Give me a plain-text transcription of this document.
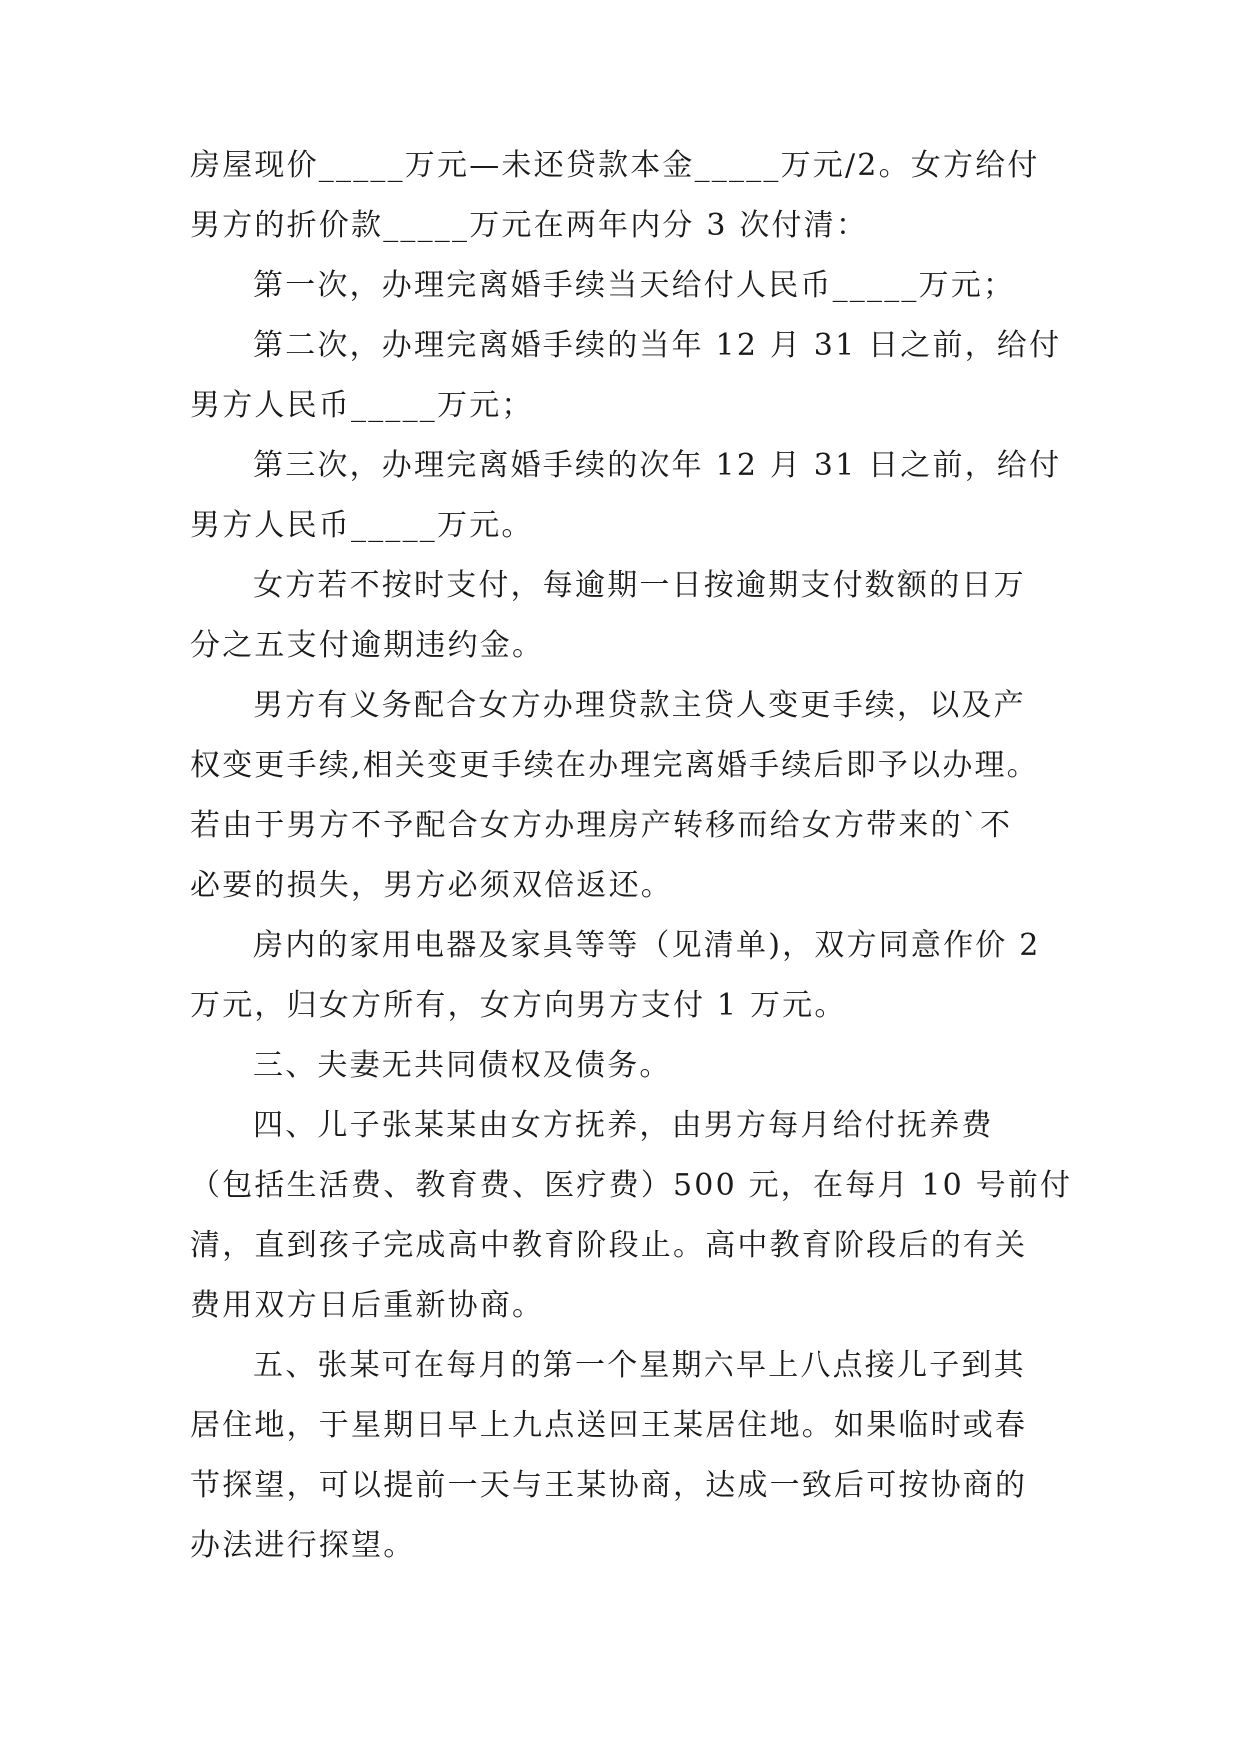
房屋现价_____万元—未还贷款本金_____万元/2。女方给付
男方的折价款_____万元在两年内分 3 次付清：
第一次，办理完离婚手续当天给付人民币_____万元；
第二次，办理完离婚手续的当年 12 月 31 日之前，给付
男方人民币_____万元；
第三次，办理完离婚手续的次年 12 月 31 日之前，给付
男方人民币_____万元。
女方若不按时支付，每逾期一日按逾期支付数额的日万
分之五支付逾期违约金。
男方有义务配合女方办理贷款主贷人变更手续，以及产
权变更手续,相关变更手续在办理完离婚手续后即予以办理。
若由于男方不予配合女方办理房产转移而给女方带来的`不
必要的损失，男方必须双倍返还。
房内的家用电器及家具等等（见清单)，双方同意作价 2
万元，归女方所有，女方向男方支付 1 万元。
三、夫妻无共同债权及债务。
四、儿子张某某由女方抚养，由男方每月给付抚养费
（包括生活费、教育费、医疗费）500 元，在每月 10 号前付
清，直到孩子完成高中教育阶段止。高中教育阶段后的有关
费用双方日后重新协商。
五、张某可在每月的第一个星期六早上八点接儿子到其
居住地，于星期日早上九点送回王某居住地。如果临时或春
节探望，可以提前一天与王某协商，达成一致后可按协商的
办法进行探望。
